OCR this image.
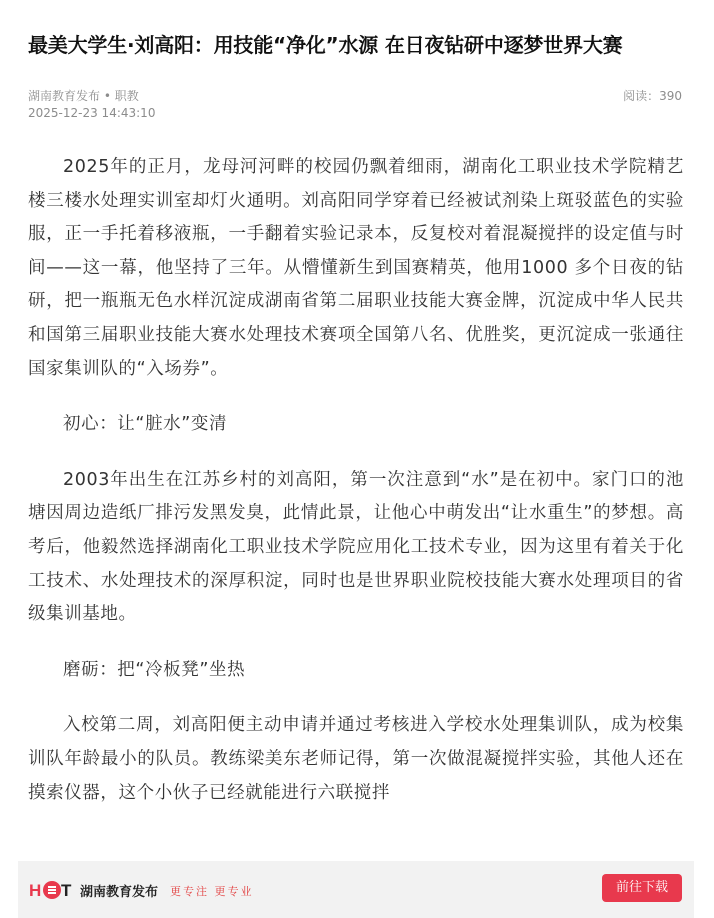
最美大学生·刘高阳：用技能“净化”水源 在日夜钻研中逐梦世界大赛
湖南教育发布 • 职教
2025-12-23 14:43:10
阅读：390

2025年的正月，龙母河河畔的校园仍飘着细雨，湖南化工职业技术学院精艺楼三楼水处理实训室却灯火通明。刘高阳同学穿着已经被试剂染上斑驳蓝色的实验服，正一手托着移液瓶，一手翻着实验记录本，反复校对着混凝搅拌的设定值与时间——这一幕，他坚持了三年。从懵懂新生到国赛精英，他用1000 多个日夜的钻研，把一瓶瓶无色水样沉淀成湖南省第二届职业技能大赛金牌，沉淀成中华人民共和国第三届职业技能大赛水处理技术赛项全国第八名、优胜奖，更沉淀成一张通往国家集训队的“入场券”。

初心：让“脏水”变清

2003年出生在江苏乡村的刘高阳，第一次注意到“水”是在初中。家门口的池塘因周边造纸厂排污发黑发臭，此情此景，让他心中萌发出“让水重生”的梦想。高考后，他毅然选择湖南化工职业技术学院应用化工技术专业，因为这里有着关于化工技术、水处理技术的深厚积淀，同时也是世界职业院校技能大赛水处理项目的省级集训基地。

磨砺：把“冷板凳”坐热

入校第二周，刘高阳便主动申请并通过考核进入学校水处理集训队，成为校集训队年龄最小的队员。教练梁美东老师记得，第一次做混凝搅拌实验，其他人还在摸索仪器，这个小伙子已经就能进行六联搅拌

H T 湖南教育发布 更专注 更专业	前往下载
